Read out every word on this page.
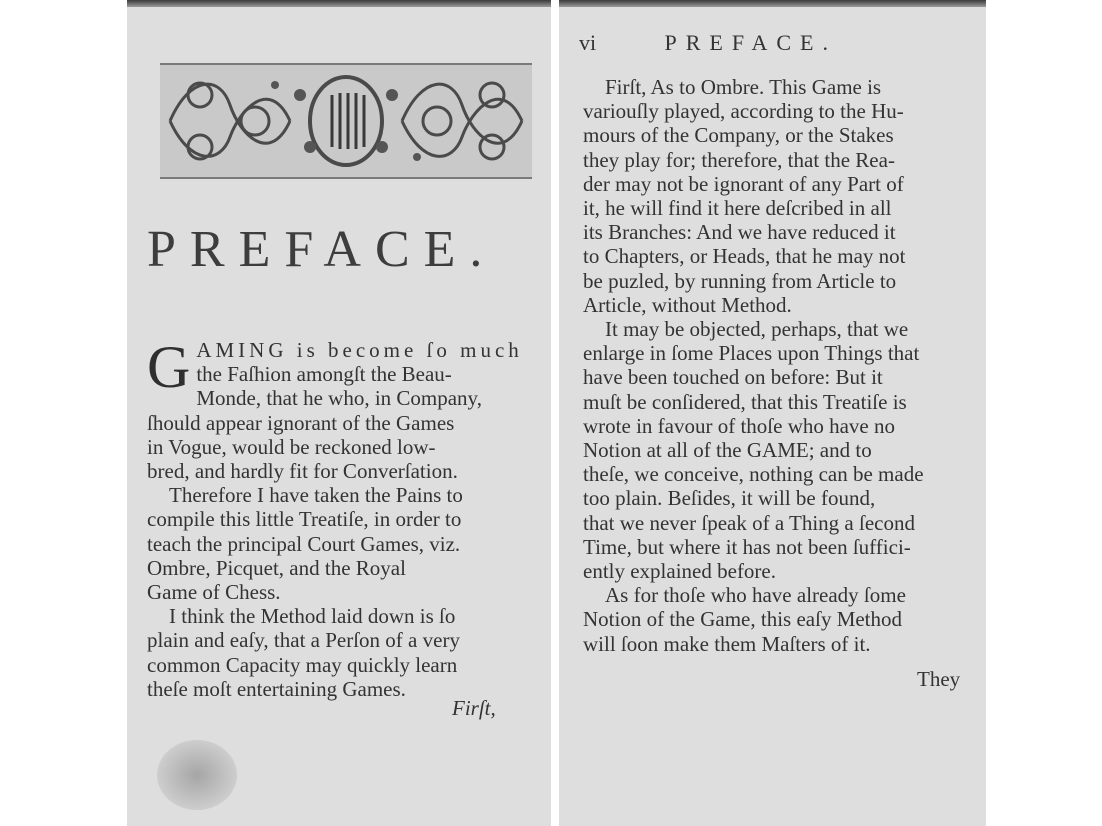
PREFACE.

G AMING is become ſo much
the Faſhion amongſt the Beau-
Monde, that he who, in Company,
ſhould appear ignorant of the Games
in Vogue, would be reckoned low-
bred, and hardly fit for Converſation.

Therefore I have taken the Pains to
compile this little Treatiſe, in order to
teach the principal Court Games, viz.
Ombre, Picquet, and the Royal
Game of Chess.

I think the Method laid down is ſo
plain and eaſy, that a Perſon of a very
common Capacity may quickly learn
theſe moſt entertaining Games.

Firſt,
vi	PREFACE.

Firſt, As to Ombre. This Game is
variouſly played, according to the Hu-
mours of the Company, or the Stakes
they play for; therefore, that the Rea-
der may not be ignorant of any Part of
it, he will find it here deſcribed in all
its Branches: And we have reduced it
to Chapters, or Heads, that he may not
be puzled, by running from Article to
Article, without Method.

It may be objected, perhaps, that we
enlarge in ſome Places upon Things that
have been touched on before: But it
muſt be conſidered, that this Treatiſe is
wrote in favour of thoſe who have no
Notion at all of the GAME; and to
theſe, we conceive, nothing can be made
too plain. Beſides, it will be found,
that we never ſpeak of a Thing a ſecond
Time, but where it has not been ſuffici-
ently explained before.

As for thoſe who have already ſome
Notion of the Game, this eaſy Method
will ſoon make them Maſters of it.

They
